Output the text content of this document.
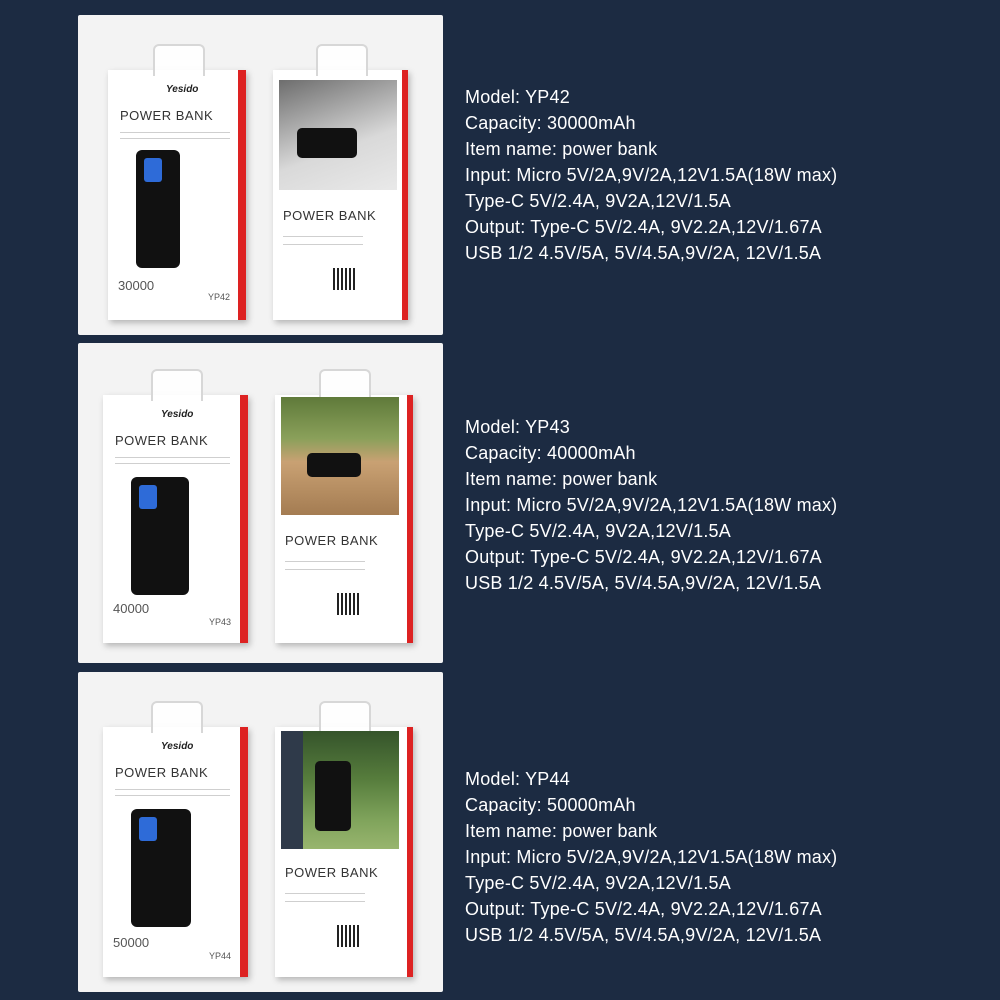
Yesido
POWER BANK
30000
YP42
POWER BANK
Model: YP42
Capacity: 30000mAh
Item name: power bank
Input: Micro 5V/2A,9V/2A,12V1.5A(18W max)
Type-C 5V/2.4A, 9V2A,12V/1.5A
Output: Type-C 5V/2.4A, 9V2.2A,12V/1.67A
USB 1/2 4.5V/5A, 5V/4.5A,9V/2A, 12V/1.5A
Yesido
POWER BANK
40000
YP43
POWER BANK
Model: YP43
Capacity: 40000mAh
Item name: power bank
Input: Micro 5V/2A,9V/2A,12V1.5A(18W max)
Type-C 5V/2.4A, 9V2A,12V/1.5A
Output: Type-C 5V/2.4A, 9V2.2A,12V/1.67A
USB 1/2 4.5V/5A, 5V/4.5A,9V/2A, 12V/1.5A
Yesido
POWER BANK
50000
YP44
POWER BANK
Model: YP44
Capacity: 50000mAh
Item name: power bank
Input: Micro 5V/2A,9V/2A,12V1.5A(18W max)
Type-C 5V/2.4A, 9V2A,12V/1.5A
Output: Type-C 5V/2.4A, 9V2.2A,12V/1.67A
USB 1/2 4.5V/5A, 5V/4.5A,9V/2A, 12V/1.5A
